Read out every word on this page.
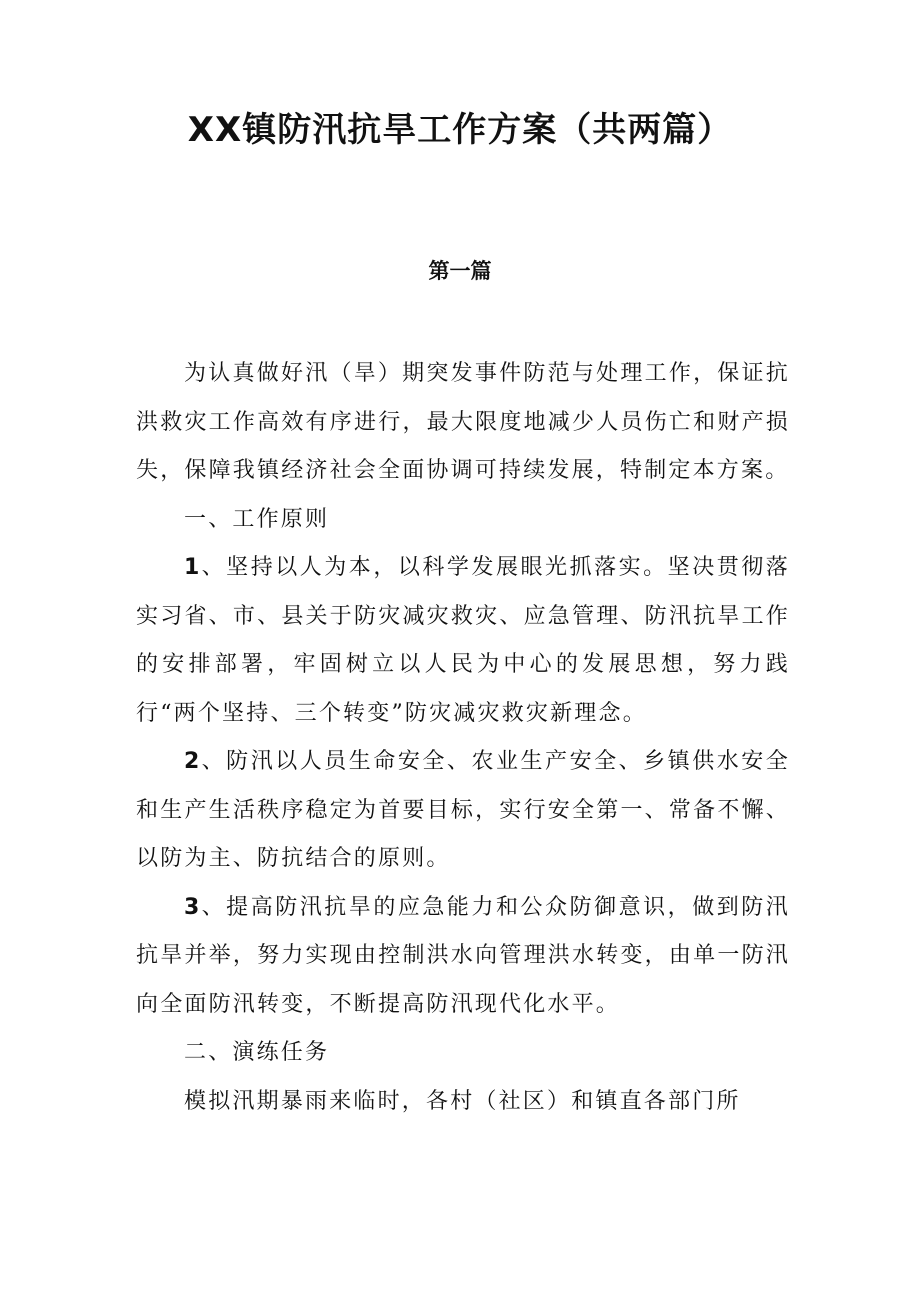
XX镇防汛抗旱工作方案（共两篇）
第一篇

为认真做好汛（旱）期突发事件防范与处理工作，保证抗洪救灾工作高效有序进行，最大限度地减少人员伤亡和财产损失，保障我镇经济社会全面协调可持续发展，特制定本方案。

一、工作原则

1、坚持以人为本，以科学发展眼光抓落实。坚决贯彻落实习省、市、县关于防灾减灾救灾、应急管理、防汛抗旱工作的安排部署，牢固树立以人民为中心的发展思想，努力践行“两个坚持、三个转变”防灾减灾救灾新理念。

2、防汛以人员生命安全、农业生产安全、乡镇供水安全和生产生活秩序稳定为首要目标，实行安全第一、常备不懈、以防为主、防抗结合的原则。

3、提高防汛抗旱的应急能力和公众防御意识，做到防汛抗旱并举，努力实现由控制洪水向管理洪水转变，由单一防汛向全面防汛转变，不断提高防汛现代化水平。

二、演练任务

模拟汛期暴雨来临时，各村（社区）和镇直各部门所
